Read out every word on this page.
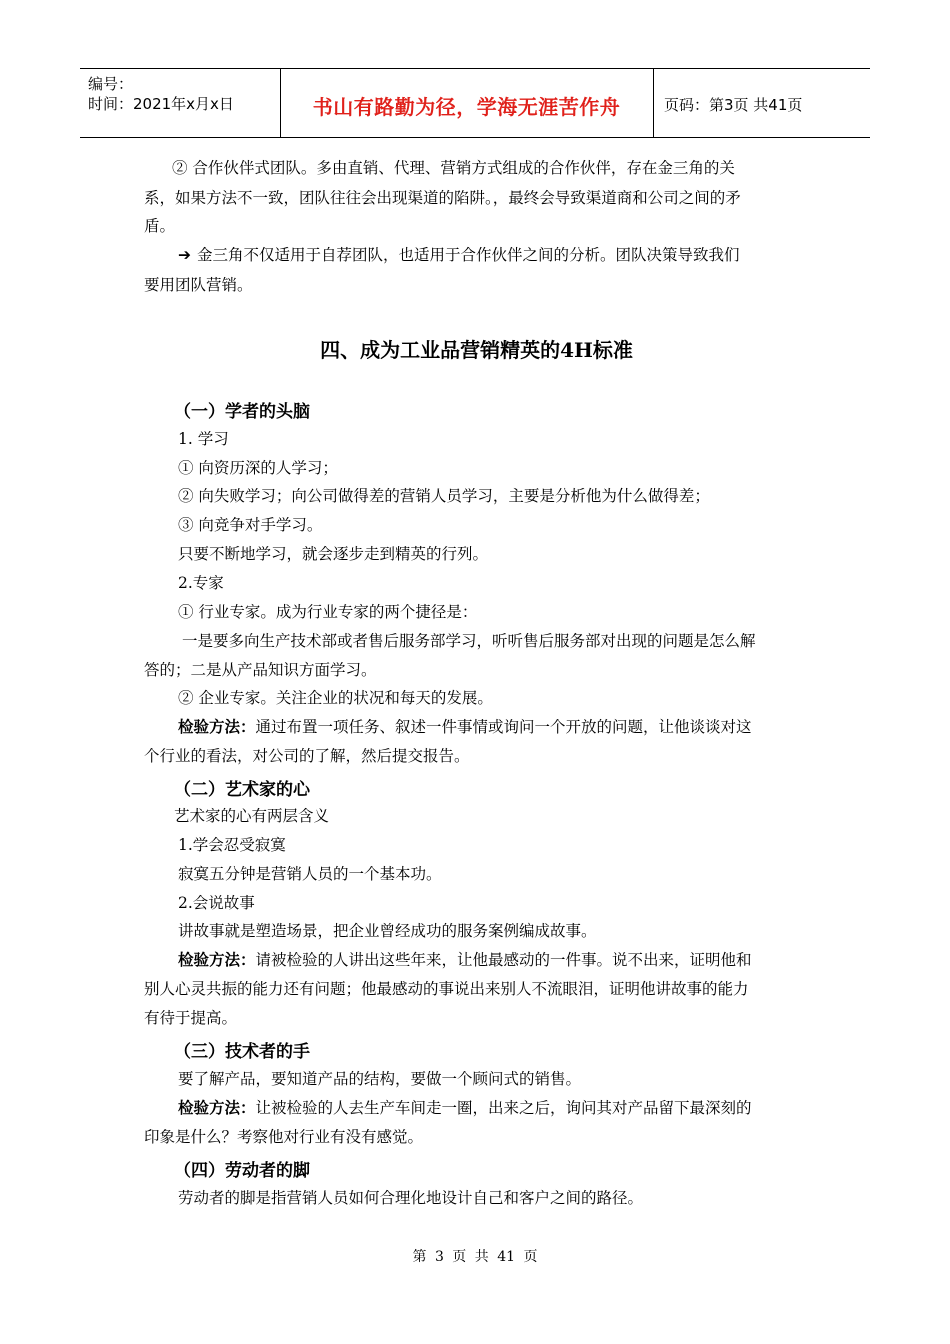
编号：
时间：2021年x月x日	书山有路勤为径，学海无涯苦作舟	页码：第3页 共41页
② 合作伙伴式团队。多由直销、代理、营销方式组成的合作伙伴，存在金三角的关
系，如果方法不一致，团队往往会出现渠道的陷阱。，最终会导致渠道商和公司之间的矛
盾。
➔ 金三角不仅适用于自荐团队，也适用于合作伙伴之间的分析。团队决策导致我们
要用团队营销。
四、成为工业品营销精英的4H标准
（一）学者的头脑
1. 学习
① 向资历深的人学习；
② 向失败学习；向公司做得差的营销人员学习，主要是分析他为什么做得差；
③ 向竞争对手学习。
只要不断地学习，就会逐步走到精英的行列。
2.专家
① 行业专家。成为行业专家的两个捷径是：
一是要多向生产技术部或者售后服务部学习，听听售后服务部对出现的问题是怎么解
答的；二是从产品知识方面学习。
② 企业专家。关注企业的状况和每天的发展。
检验方法：通过布置一项任务、叙述一件事情或询问一个开放的问题，让他谈谈对这
个行业的看法，对公司的了解，然后提交报告。
（二）艺术家的心
艺术家的心有两层含义
1.学会忍受寂寞
寂寞五分钟是营销人员的一个基本功。
2.会说故事
讲故事就是塑造场景，把企业曾经成功的服务案例编成故事。
检验方法：请被检验的人讲出这些年来，让他最感动的一件事。说不出来，证明他和
别人心灵共振的能力还有问题；他最感动的事说出来别人不流眼泪，证明他讲故事的能力
有待于提高。
（三）技术者的手
要了解产品，要知道产品的结构，要做一个顾问式的销售。
检验方法：让被检验的人去生产车间走一圈，出来之后，询问其对产品留下最深刻的
印象是什么？考察他对行业有没有感觉。
（四）劳动者的脚
劳动者的脚是指营销人员如何合理化地设计自己和客户之间的路径。
第 3 页 共 41 页
